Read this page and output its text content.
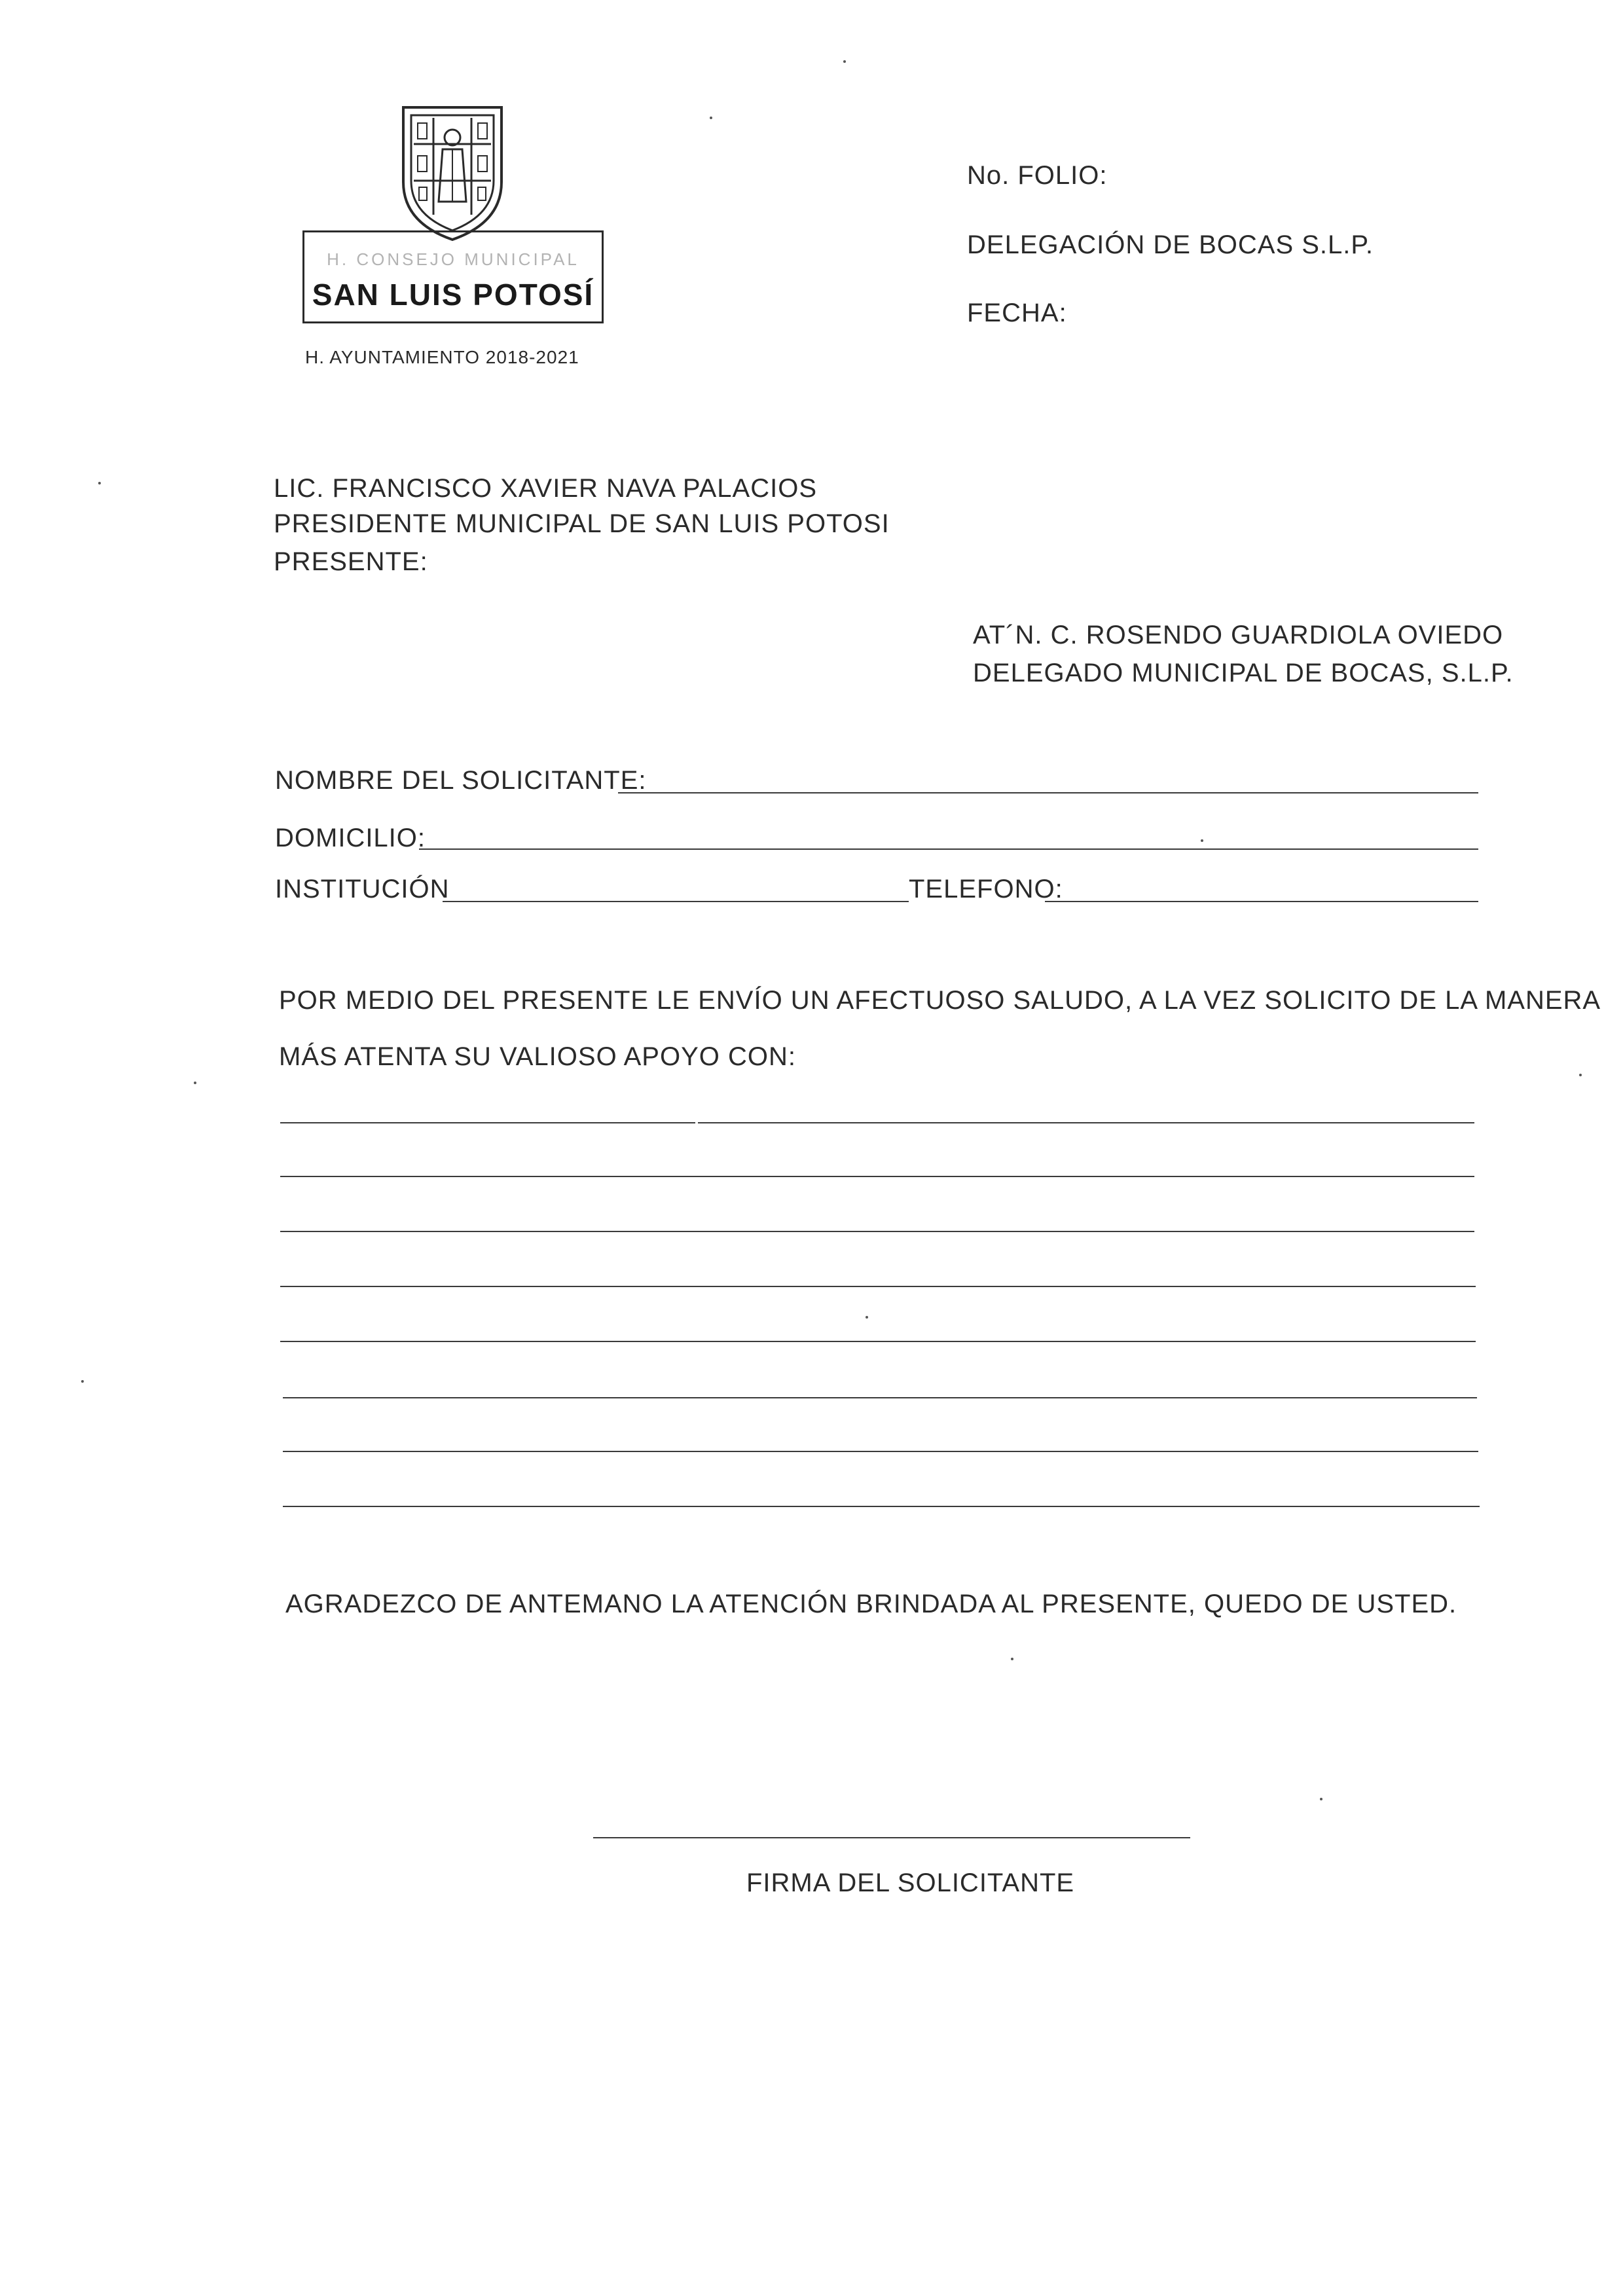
H. CONSEJO MUNICIPAL
SAN LUIS POTOSÍ
H. AYUNTAMIENTO 2018-2021
No. FOLIO:
DELEGACIÓN DE BOCAS S.L.P.
FECHA:
LIC. FRANCISCO XAVIER NAVA PALACIOS
PRESIDENTE MUNICIPAL DE SAN LUIS POTOSI
PRESENTE:
AT´N. C. ROSENDO GUARDIOLA OVIEDO
DELEGADO MUNICIPAL DE BOCAS, S.L.P.
NOMBRE DEL SOLICITANTE:
DOMICILIO:
INSTITUCIÓN	TELEFONO:
POR MEDIO DEL PRESENTE LE ENVÍO UN AFECTUOSO SALUDO, A LA VEZ SOLICITO DE LA MANERA
MÁS ATENTA SU VALIOSO APOYO CON:
AGRADEZCO DE ANTEMANO LA ATENCIÓN BRINDADA AL PRESENTE, QUEDO DE USTED.
FIRMA DEL SOLICITANTE
